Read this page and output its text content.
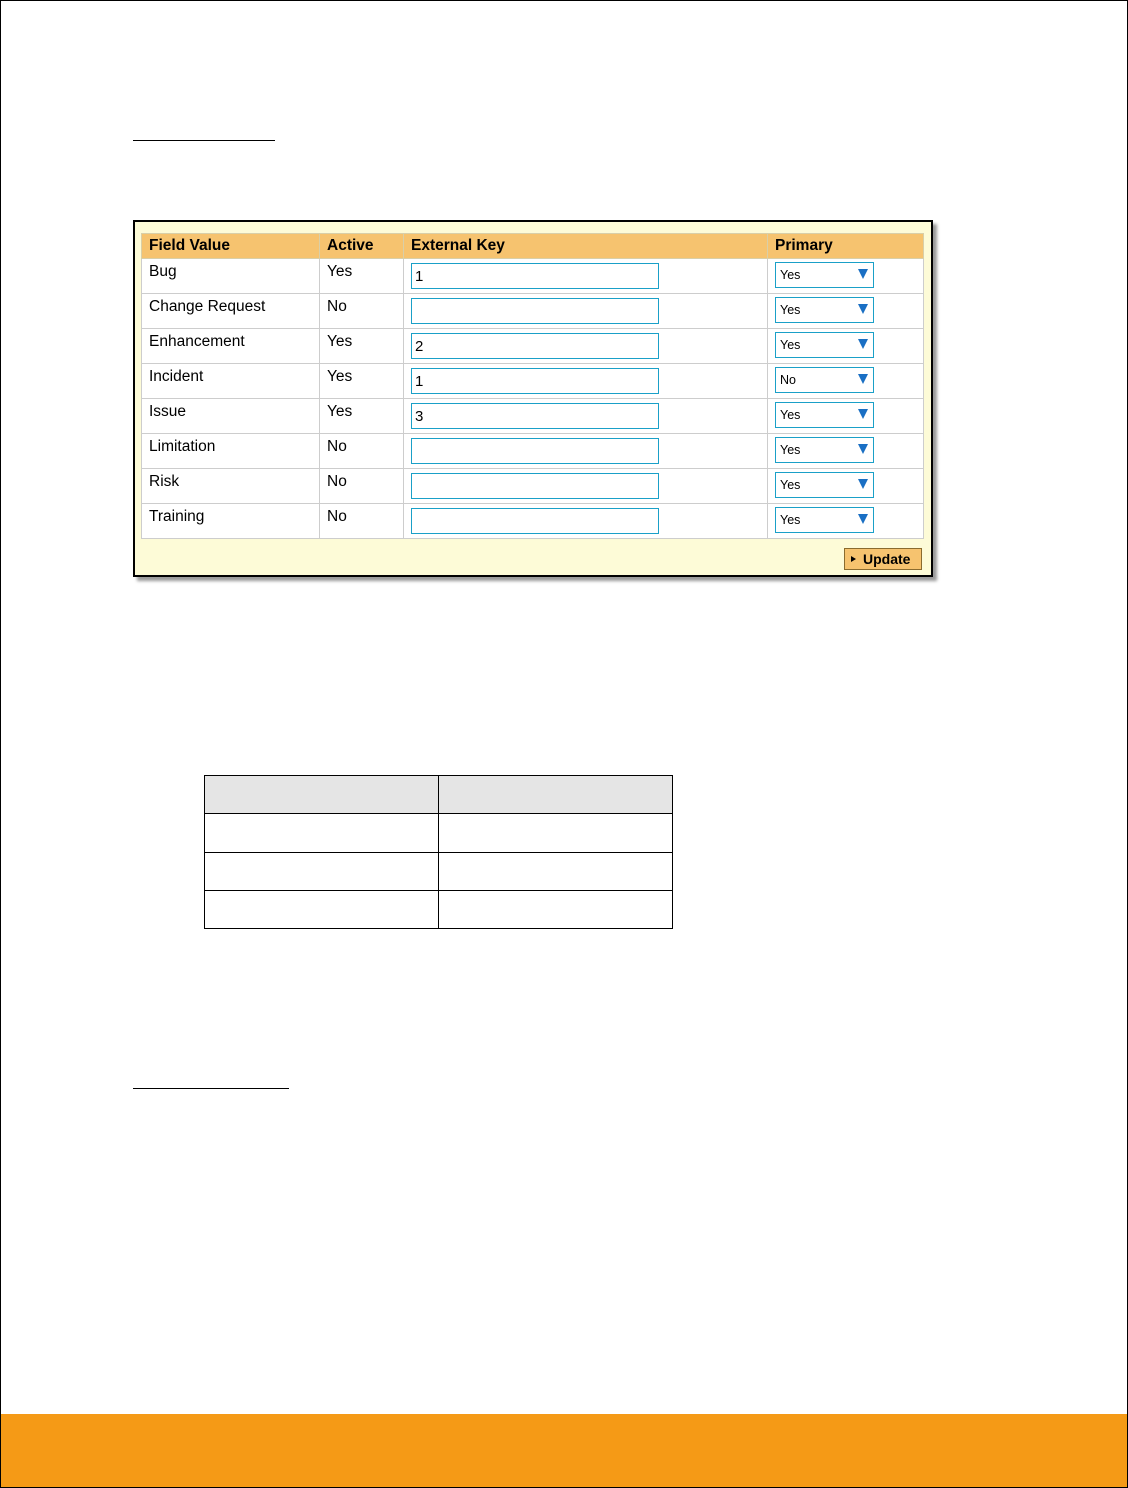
Field Value	Active	External Key	Primary

Bug	Yes	1	Yes

Change Request	No		Yes

Enhancement	Yes	2	Yes

Incident	Yes	1	No

Issue	Yes	3	Yes

Limitation	No		Yes

Risk	No		Yes

Training	No		Yes
Update
